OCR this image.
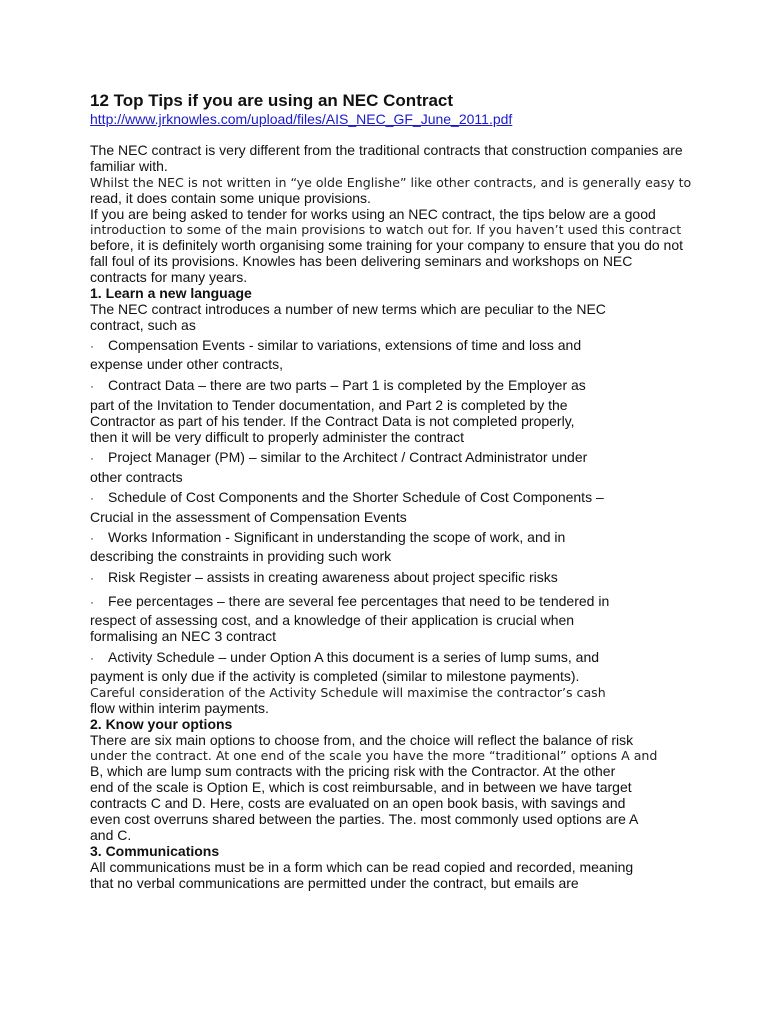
12 Top Tips if you are using an NEC Contract
http://www.jrknowles.com/upload/files/AIS_NEC_GF_June_2011.pdf
The NEC contract is very different from the traditional contracts that construction companies are
familiar with.
Whilst the NEC is not written in “ye olde Englishe” like other contracts, and is generally easy to
read, it does contain some unique provisions.
If you are being asked to tender for works using an NEC contract, the tips below are a good
introduction to some of the main provisions to watch out for. If you haven’t used this contract
before, it is definitely worth organising some training for your company to ensure that you do not
fall foul of its provisions. Knowles has been delivering seminars and workshops on NEC
contracts for many years.
1. Learn a new language
The NEC contract introduces a number of new terms which are peculiar to the NEC
contract, such as
· Compensation Events - similar to variations, extensions of time and loss and
expense under other contracts,
· Contract Data – there are two parts – Part 1 is completed by the Employer as
part of the Invitation to Tender documentation, and Part 2 is completed by the
Contractor as part of his tender. If the Contract Data is not completed properly,
then it will be very difficult to properly administer the contract
· Project Manager (PM) – similar to the Architect / Contract Administrator under
other contracts
· Schedule of Cost Components and the Shorter Schedule of Cost Components –
Crucial in the assessment of Compensation Events
· Works Information - Significant in understanding the scope of work, and in
describing the constraints in providing such work
· Risk Register – assists in creating awareness about project specific risks
· Fee percentages – there are several fee percentages that need to be tendered in
respect of assessing cost, and a knowledge of their application is crucial when
formalising an NEC 3 contract
· Activity Schedule – under Option A this document is a series of lump sums, and
payment is only due if the activity is completed (similar to milestone payments).
Careful consideration of the Activity Schedule will maximise the contractor’s cash
flow within interim payments.
2. Know your options
There are six main options to choose from, and the choice will reflect the balance of risk
under the contract. At one end of the scale you have the more “traditional” options A and
B, which are lump sum contracts with the pricing risk with the Contractor. At the other
end of the scale is Option E, which is cost reimbursable, and in between we have target
contracts C and D. Here, costs are evaluated on an open book basis, with savings and
even cost overruns shared between the parties. The. most commonly used options are A
and C.
3. Communications
All communications must be in a form which can be read copied and recorded, meaning
that no verbal communications are permitted under the contract, but emails are
